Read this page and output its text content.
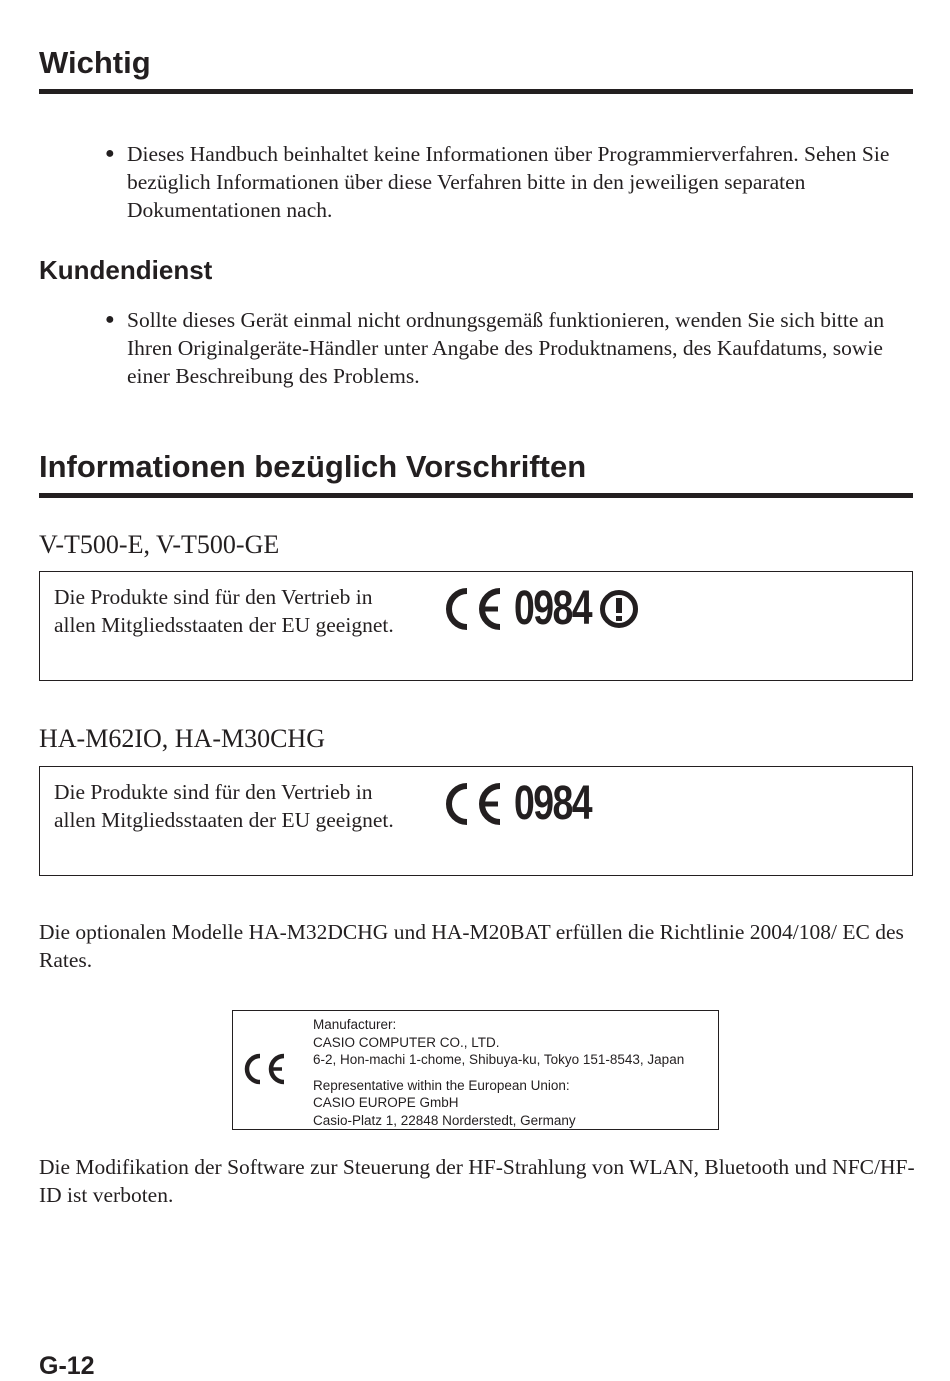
Wichtig
● Dieses Handbuch beinhaltet keine Informationen über Programmierverfahren. Sehen Sie bezüglich Informationen über diese Verfahren bitte in den jeweiligen separaten Dokumentationen nach.
Kundendienst
● Sollte dieses Gerät einmal nicht ordnungsgemäß funktionieren, wenden Sie sich bitte an Ihren Originalgeräte-Händler unter Angabe des Produktnamens, des Kaufdatums, sowie einer Beschreibung des Problems.
Informationen bezüglich Vorschriften
V-T500-E, V-T500-GE
Die Produkte sind für den Vertrieb in allen Mitgliedsstaaten der EU geeignet.	0984
HA-M62IO, HA-M30CHG
Die Produkte sind für den Vertrieb in allen Mitgliedsstaaten der EU geeignet.	0984
Die optionalen Modelle HA-M32DCHG und HA-M20BAT erfüllen die Richtlinie 2004/108/ EC des Rates.
Manufacturer:
CASIO COMPUTER CO., LTD.
6-2, Hon-machi 1-chome, Shibuya-ku, Tokyo 151-8543, Japan
Representative within the European Union:
CASIO EUROPE GmbH
Casio-Platz 1, 22848 Norderstedt, Germany
Die Modifikation der Software zur Steuerung der HF-Strahlung von WLAN, Bluetooth und NFC/HF-ID ist verboten.
G-12
